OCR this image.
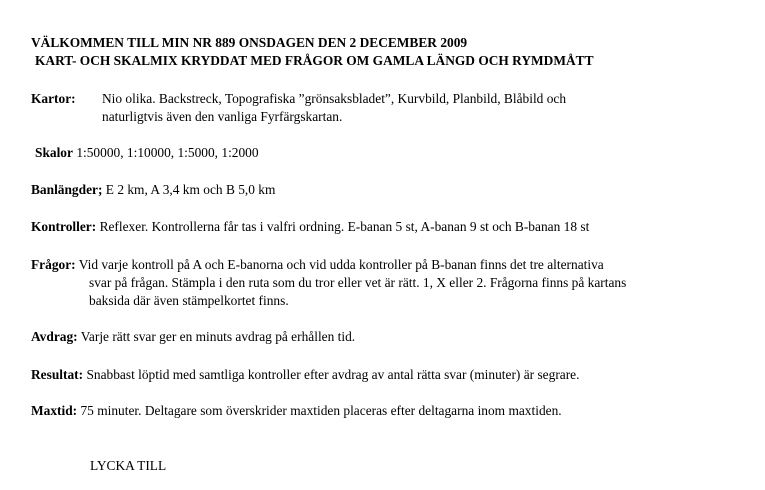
VÄLKOMMEN TILL MIN NR 889 ONSDAGEN DEN 2 DECEMBER 2009
KART- OCH SKALMIX KRYDDAT MED FRÅGOR OM GAMLA LÄNGD OCH RYMDMÅTT
Kartor: Nio olika. Backstreck, Topografiska ”grönsaksbladet”, Kurvbild, Planbild, Blåbild och
naturligtvis även den vanliga Fyrfärgskartan.
Skalor 1:50000, 1:10000, 1:5000, 1:2000
Banlängder; E 2 km, A 3,4 km och B 5,0 km
Kontroller: Reflexer. Kontrollerna får tas i valfri ordning. E-banan 5 st, A-banan 9 st och B-banan 18 st
Frågor: Vid varje kontroll på A och E-banorna och vid udda kontroller på B-banan finns det tre alternativa
svar på frågan. Stämpla i den ruta som du tror eller vet är rätt. 1, X eller 2. Frågorna finns på kartans
baksida där även stämpelkortet finns.
Avdrag: Varje rätt svar ger en minuts avdrag på erhållen tid.
Resultat: Snabbast löptid med samtliga kontroller efter avdrag av antal rätta svar (minuter) är segrare.
Maxtid: 75 minuter. Deltagare som överskrider maxtiden placeras efter deltagarna inom maxtiden.
LYCKA TILL
